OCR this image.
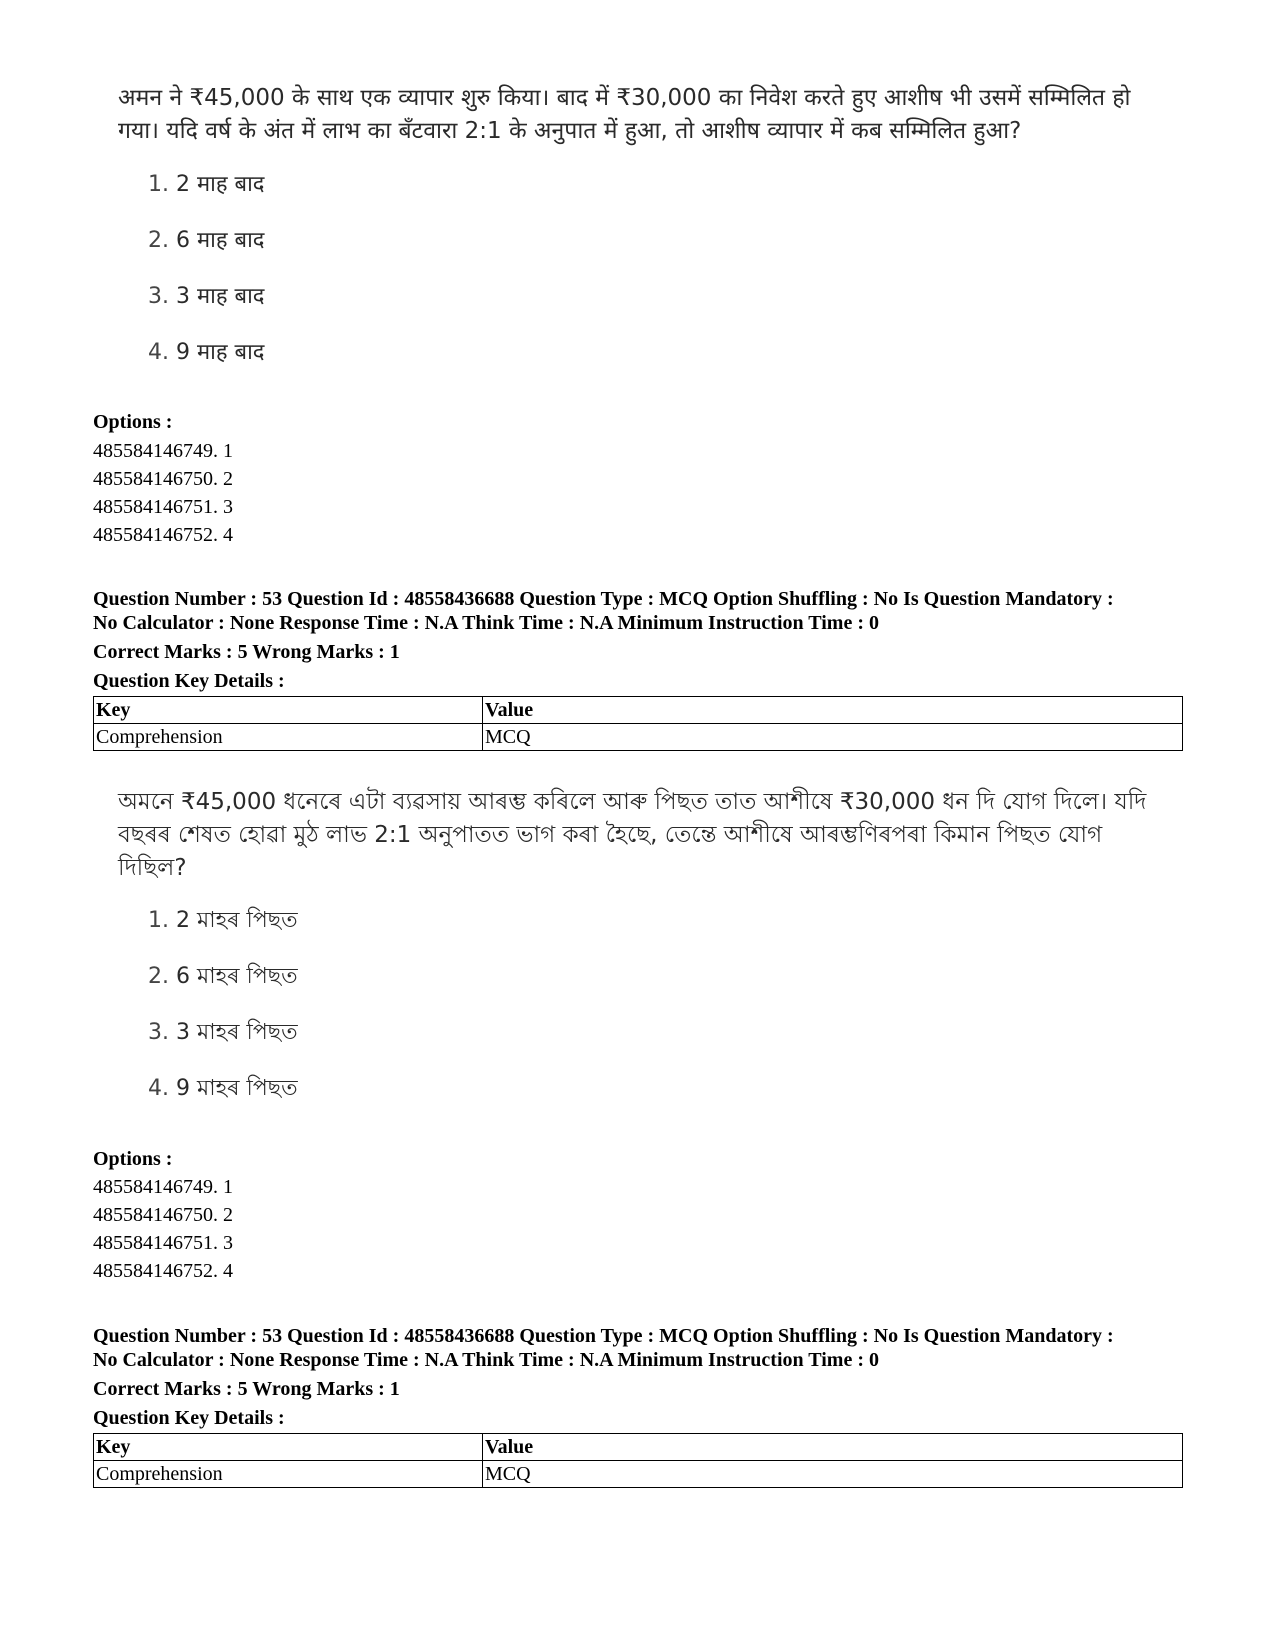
अमन ने ₹45,000 के साथ एक व्यापार शुरु किया। बाद में ₹30,000 का निवेश करते हुए आशीष भी उसमें सम्मिलित हो गया। यदि वर्ष के अंत में लाभ का बँटवारा 2:1 के अनुपात में हुआ, तो आशीष व्यापार में कब सम्मिलित हुआ?
1. 2 माह बाद
2. 6 माह बाद
3. 3 माह बाद
4. 9 माह बाद
Options :
485584146749. 1
485584146750. 2
485584146751. 3
485584146752. 4
Question Number : 53 Question Id : 48558436688 Question Type : MCQ Option Shuffling : No Is Question Mandatory :
No Calculator : None Response Time : N.A Think Time : N.A Minimum Instruction Time : 0
Correct Marks : 5 Wrong Marks : 1
Question Key Details :
Key	Value
Comprehension	MCQ
অমনে ₹45,000 ধনেৰে এটা ব্যৱসায় আৰম্ভ কৰিলে আৰু পিছত তাত আশীষে ₹30,000 ধন দি যোগ দিলে। যদি বছৰৰ শেষত হোৱা মুঠ লাভ 2:1 অনুপাতত ভাগ কৰা হৈছে, তেন্তে আশীষে আৰম্ভণিৰপৰা কিমান পিছত যোগ দিছিল?
1. 2 মাহৰ পিছত
2. 6 মাহৰ পিছত
3. 3 মাহৰ পিছত
4. 9 মাহৰ পিছত
Options :
485584146749. 1
485584146750. 2
485584146751. 3
485584146752. 4
Question Number : 53 Question Id : 48558436688 Question Type : MCQ Option Shuffling : No Is Question Mandatory :
No Calculator : None Response Time : N.A Think Time : N.A Minimum Instruction Time : 0
Correct Marks : 5 Wrong Marks : 1
Question Key Details :
Key	Value
Comprehension	MCQ
